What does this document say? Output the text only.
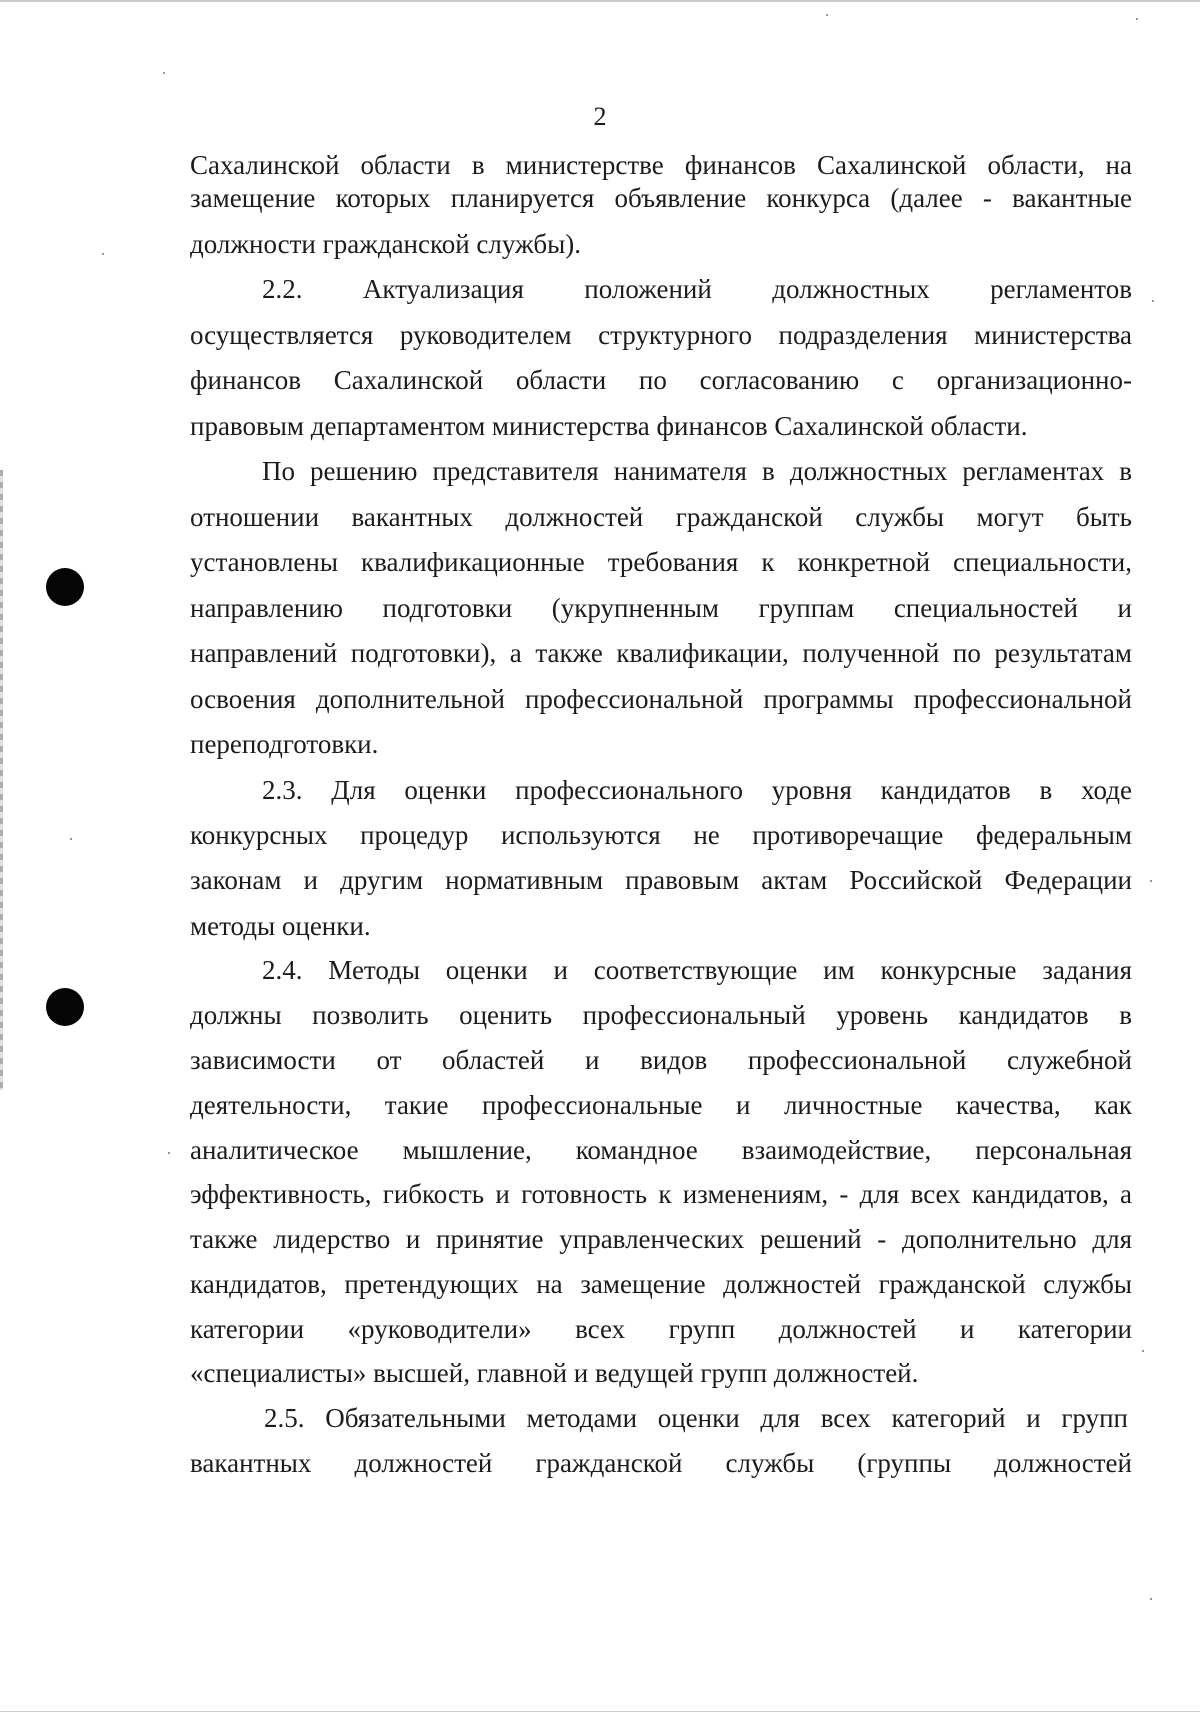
2
Сахалинской области в министерстве финансов Сахалинской области, на
замещение которых планируется объявление конкурса (далее - вакантные
должности гражданской службы).
2.2. Актуализация положений должностных регламентов
осуществляется руководителем структурного подразделения министерства
финансов Сахалинской области по согласованию с организационно-
правовым департаментом министерства финансов Сахалинской области.
По решению представителя нанимателя в должностных регламентах в
отношении вакантных должностей гражданской службы могут быть
установлены квалификационные требования к конкретной специальности,
направлению подготовки (укрупненным группам специальностей и
направлений подготовки), а также квалификации, полученной по результатам
освоения дополнительной профессиональной программы профессиональной
переподготовки.
2.3. Для оценки профессионального уровня кандидатов в ходе
конкурсных процедур используются не противоречащие федеральным
законам и другим нормативным правовым актам Российской Федерации
методы оценки.
2.4. Методы оценки и соответствующие им конкурсные задания
должны позволить оценить профессиональный уровень кандидатов в
зависимости от областей и видов профессиональной служебной
деятельности, такие профессиональные и личностные качества, как
аналитическое мышление, командное взаимодействие, персональная
эффективность, гибкость и готовность к изменениям, - для всех кандидатов, а
также лидерство и принятие управленческих решений - дополнительно для
кандидатов, претендующих на замещение должностей гражданской службы
категории «руководители» всех групп должностей и категории
«специалисты» высшей, главной и ведущей групп должностей.
2.5. Обязательными методами оценки для всех категорий и групп
вакантных должностей гражданской службы (группы должностей
